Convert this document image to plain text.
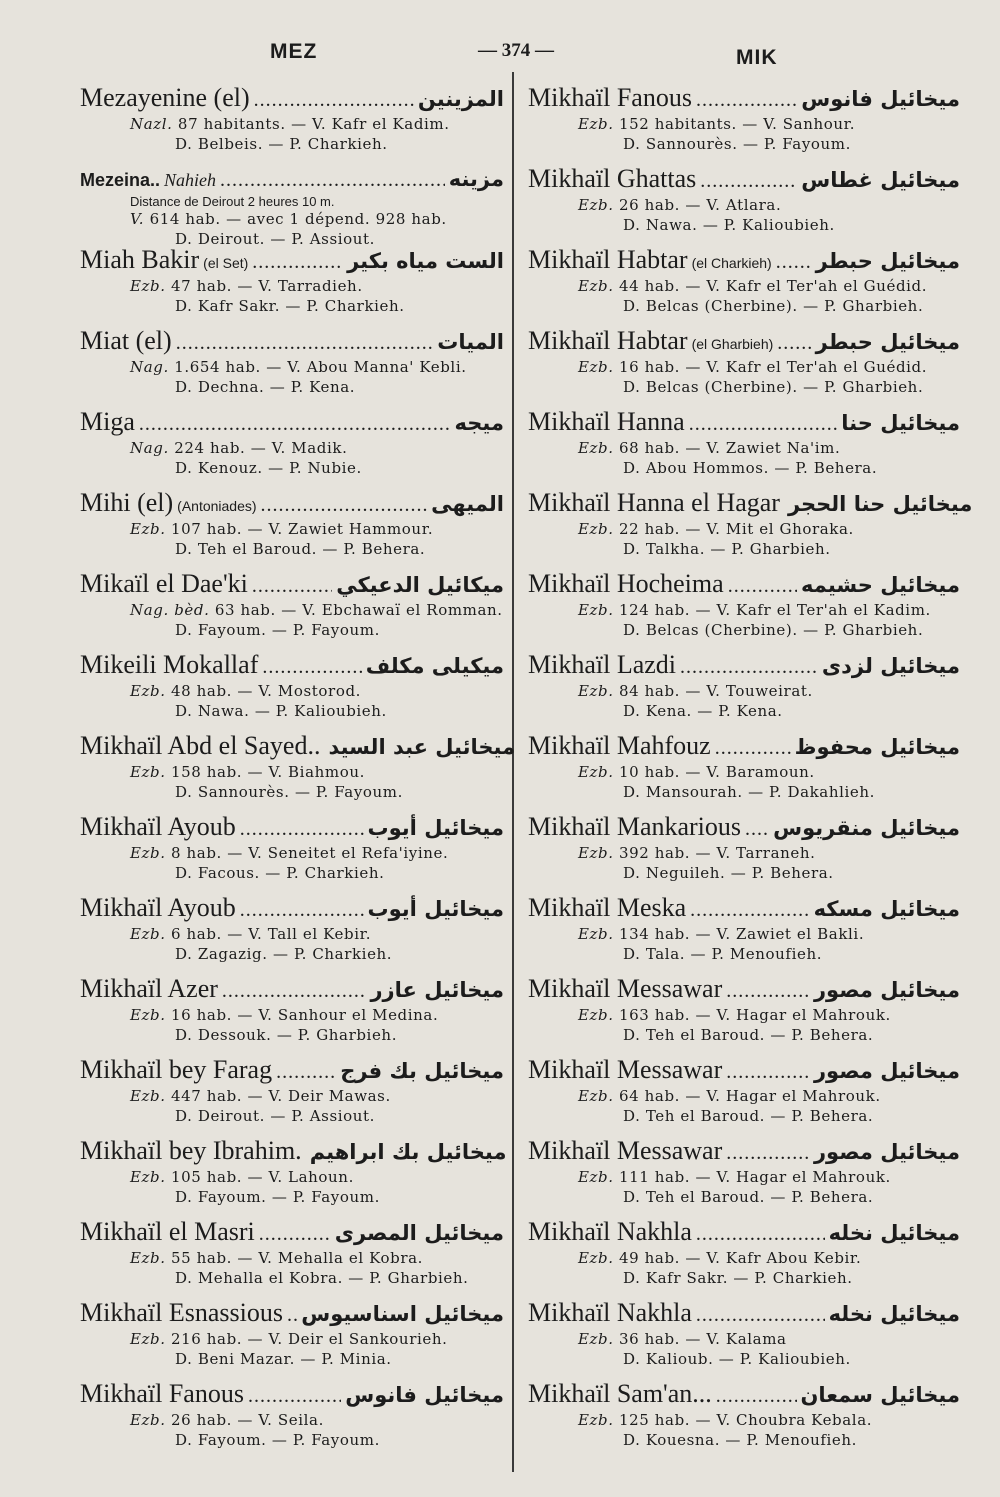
MEZ	— 374 —	MIK
Mezayenine (el) .....	المزينين
Nazl. 87 habitants. — V. Kafr el Kadim.
D. Belbeis. — P. Charkieh.
Mezeina.. Nahieh .....	مزينه
Distance de Deirout 2 heures 10 m.
V. 614 hab. — avec 1 dépend. 928 hab.
D. Deirout. — P. Assiout.
Miah Bakir (el Set) .....	الست مياه بكير
Ezb. 47 hab. — V. Tarradieh.
D. Kafr Sakr. — P. Charkieh.
Miat (el) .....	الميات
Nag. 1.654 hab. — V. Abou Manna' Kebli.
D. Dechna. — P. Kena.
Miga .....	ميجه
Nag. 224 hab. — V. Madik.
D. Kenouz. — P. Nubie.
Mihi (el) (Antoniades) .....	الميهى
Ezb. 107 hab. — V. Zawiet Hammour.
D. Teh el Baroud. — P. Behera.
Mikaïl el Dae'ki .....	ميكائيل الدعيكي
Nag. bèd. 63 hab. — V. Ebchawaï el Romman.
D. Fayoum. — P. Fayoum.
Mikeili Mokallaf .....	ميكيلى مكلف
Ezb. 48 hab. — V. Mostorod.
D. Nawa. — P. Kalioubieh.
Mikhaïl Abd el Sayed.. ميخائيل عبد السيد
Ezb. 158 hab. — V. Biahmou.
D. Sannourès. — P. Fayoum.
Mikhaïl Ayoub .....	ميخائيل أيوب
Ezb. 8 hab. — V. Seneitet el Refa'iyine.
D. Facous. — P. Charkieh.
Mikhaïl Ayoub .....	ميخائيل أيوب
Ezb. 6 hab. — V. Tall el Kebir.
D. Zagazig. — P. Charkieh.
Mikhaïl Azer .....	ميخائيل عازر
Ezb. 16 hab. — V. Sanhour el Medina.
D. Dessouk. — P. Gharbieh.
Mikhaïl bey Farag .....	ميخائيل بك فرج
Ezb. 447 hab. — V. Deir Mawas.
D. Deirout. — P. Assiout.
Mikhaïl bey Ibrahim. ميخائيل بك ابراهيم
Ezb. 105 hab. — V. Lahoun.
D. Fayoum. — P. Fayoum.
Mikhaïl el Masri .....	ميخائيل المصرى
Ezb. 55 hab. — V. Mehalla el Kobra.
D. Mehalla el Kobra. — P. Gharbieh.
Mikhaïl Esnassious ..... ميخائيل اسناسيوس
Ezb. 216 hab. — V. Deir el Sankourieh.
D. Beni Mazar. — P. Minia.
Mikhaïl Fanous .....	ميخائيل فانوس
Ezb. 26 hab. — V. Seila.
D. Fayoum. — P. Fayoum.
Mikhaïl Fanous .....	ميخائيل فانوس
Ezb. 152 habitants. — V. Sanhour.
D. Sannourès. — P. Fayoum.
Mikhaïl Ghattas .....	ميخائيل غطاس
Ezb. 26 hab. — V. Atlara.
D. Nawa. — P. Kalioubieh.
Mikhaïl Habtar (el Charkieh) ..... ميخائيل حبطر
Ezb. 44 hab. — V. Kafr el Ter'ah el Guédid.
D. Belcas (Cherbine). — P. Gharbieh.
Mikhaïl Habtar (el Gharbieh) ..... ميخائيل حبطر
Ezb. 16 hab. — V. Kafr el Ter'ah el Guédid.
D. Belcas (Cherbine). — P. Gharbieh.
Mikhaïl Hanna .....	ميخائيل حنا
Ezb. 68 hab. — V. Zawiet Na'im.
D. Abou Hommos. — P. Behera.
Mikhaïl Hanna el Hagar ميخائيل حنا الحجر
Ezb. 22 hab. — V. Mit el Ghoraka.
D. Talkha. — P. Gharbieh.
Mikhaïl Hocheima .....	ميخائيل حشيمه
Ezb. 124 hab. — V. Kafr el Ter'ah el Kadim.
D. Belcas (Cherbine). — P. Gharbieh.
Mikhaïl Lazdi .....	ميخائيل لزدى
Ezb. 84 hab. — V. Touweirat.
D. Kena. — P. Kena.
Mikhaïl Mahfouz .....	ميخائيل محفوظ
Ezb. 10 hab. — V. Baramoun.
D. Mansourah. — P. Dakahlieh.
Mikhaïl Mankarious ..... ميخائيل منقريوس
Ezb. 392 hab. — V. Tarraneh.
D. Neguileh. — P. Behera.
Mikhaïl Meska .....	ميخائيل مسكه
Ezb. 134 hab. — V. Zawiet el Bakli.
D. Tala. — P. Menoufieh.
Mikhaïl Messawar .....	ميخائيل مصور
Ezb. 163 hab. — V. Hagar el Mahrouk.
D. Teh el Baroud. — P. Behera.
Mikhaïl Messawar .....	ميخائيل مصور
Ezb. 64 hab. — V. Hagar el Mahrouk.
D. Teh el Baroud. — P. Behera.
Mikhaïl Messawar .....	ميخائيل مصور
Ezb. 111 hab. — V. Hagar el Mahrouk.
D. Teh el Baroud. — P. Behera.
Mikhaïl Nakhla .....	ميخائيل نخله
Ezb. 49 hab. — V. Kafr Abou Kebir.
D. Kafr Sakr. — P. Charkieh.
Mikhaïl Nakhla .....	ميخائيل نخله
Ezb. 36 hab. — V. Kalama
D. Kalioub. — P. Kalioubieh.
Mikhaïl Sam'an... .....	ميخائيل سمعان
Ezb. 125 hab. — V. Choubra Kebala.
D. Kouesna. — P. Menoufieh.
